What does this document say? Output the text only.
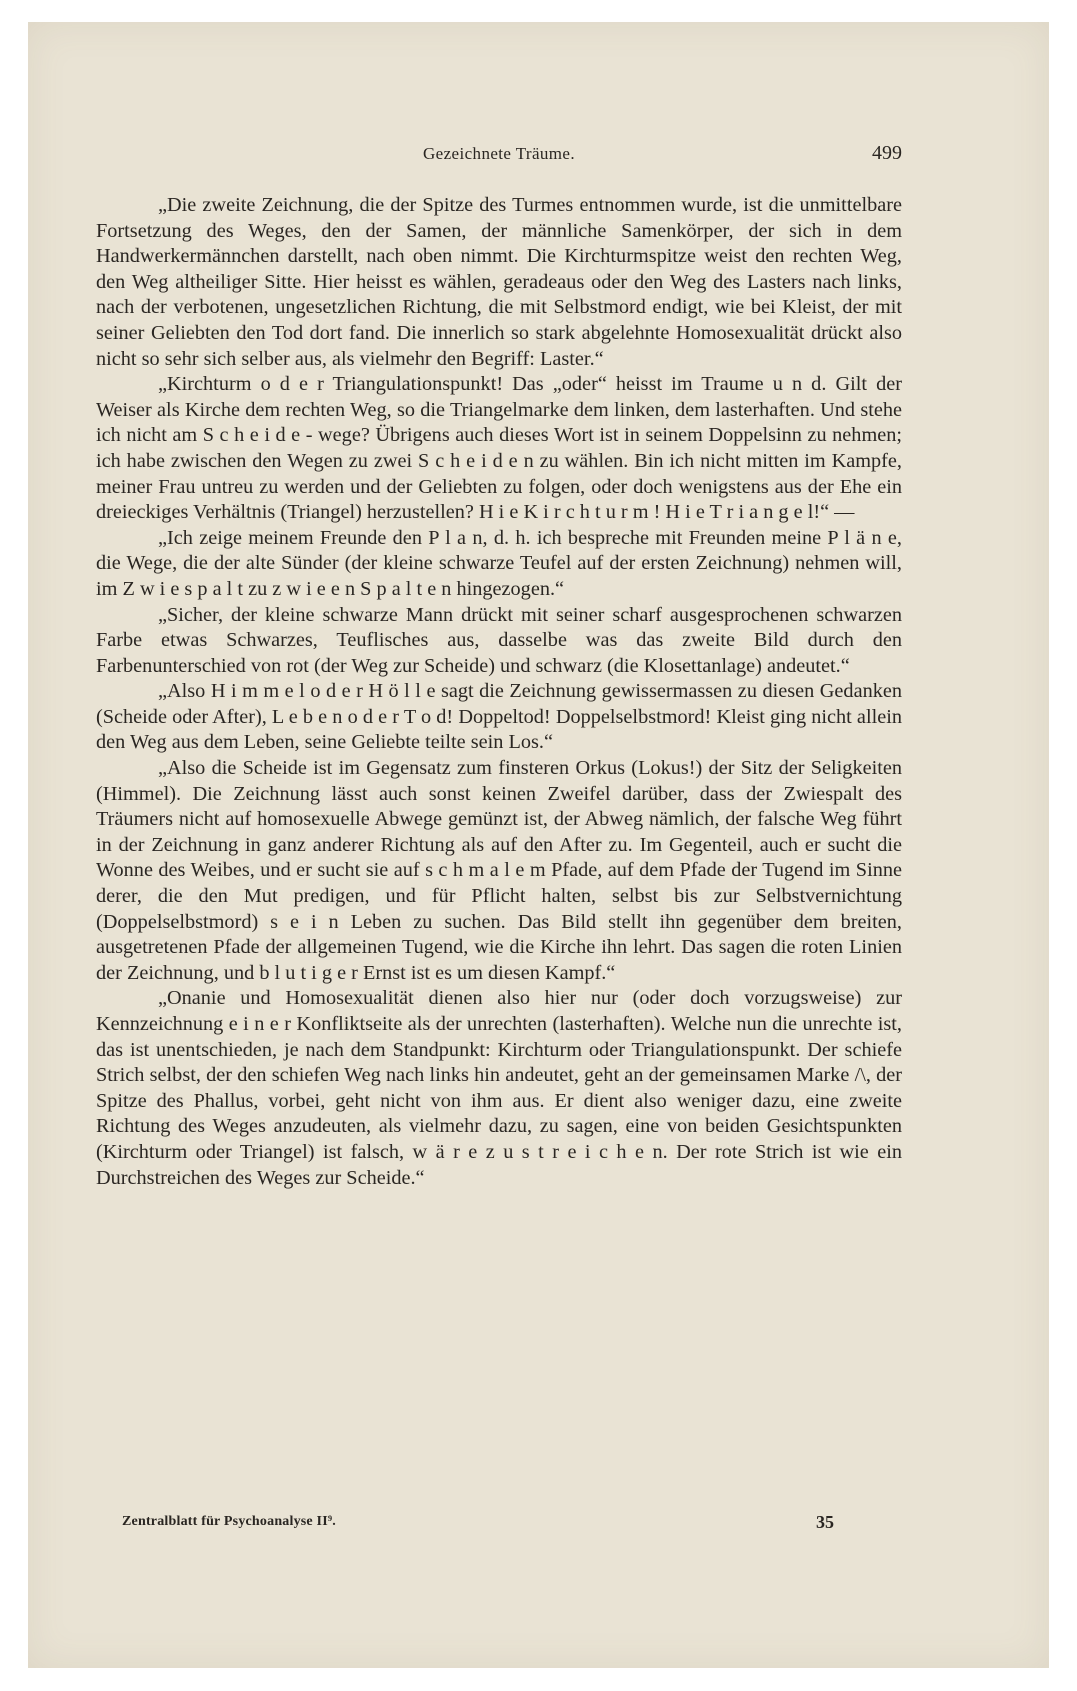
Gezeichnete Träume.	499

„Die zweite Zeichnung, die der Spitze des Turmes entnommen wurde, ist die unmittelbare Fortsetzung des Weges, den der Samen, der männliche Samenkörper, der sich in dem Handwerkermännchen darstellt, nach oben nimmt. Die Kirchturmspitze weist den rechten Weg, den Weg altheiliger Sitte. Hier heisst es wählen, geradeaus oder den Weg des Lasters nach links, nach der verbotenen, ungesetzlichen Richtung, die mit Selbstmord endigt, wie bei Kleist, der mit seiner Geliebten den Tod dort fand. Die innerlich so stark abgelehnte Homosexualität drückt also nicht so sehr sich selber aus, als vielmehr den Begriff: Laster.“

„Kirchturm o d e r Triangulationspunkt! Das „oder“ heisst im Traume u n d. Gilt der Weiser als Kirche dem rechten Weg, so die Triangelmarke dem linken, dem lasterhaften. Und stehe ich nicht am S c h e i d e - wege? Übrigens auch dieses Wort ist in seinem Doppelsinn zu nehmen; ich habe zwischen den Wegen zu zwei S c h e i d e n zu wählen. Bin ich nicht mitten im Kampfe, meiner Frau untreu zu werden und der Geliebten zu folgen, oder doch wenigstens aus der Ehe ein dreieckiges Verhältnis (Triangel) herzustellen? H i e K i r c h t u r m ! H i e T r i a n g e l!“ —

„Ich zeige meinem Freunde den P l a n, d. h. ich bespreche mit Freunden meine P l ä n e, die Wege, die der alte Sünder (der kleine schwarze Teufel auf der ersten Zeichnung) nehmen will, im Z w i e s p a l t zu z w i e e n S p a l t e n hingezogen.“

„Sicher, der kleine schwarze Mann drückt mit seiner scharf ausgesprochenen schwarzen Farbe etwas Schwarzes, Teuflisches aus, dasselbe was das zweite Bild durch den Farbenunterschied von rot (der Weg zur Scheide) und schwarz (die Klosettanlage) andeutet.“

„Also H i m m e l o d e r H ö l l e sagt die Zeichnung gewissermassen zu diesen Gedanken (Scheide oder After), L e b e n o d e r T o d! Doppeltod! Doppelselbstmord! Kleist ging nicht allein den Weg aus dem Leben, seine Geliebte teilte sein Los.“

„Also die Scheide ist im Gegensatz zum finsteren Orkus (Lokus!) der Sitz der Seligkeiten (Himmel). Die Zeichnung lässt auch sonst keinen Zweifel darüber, dass der Zwiespalt des Träumers nicht auf homosexuelle Abwege gemünzt ist, der Abweg nämlich, der falsche Weg führt in der Zeichnung in ganz anderer Richtung als auf den After zu. Im Gegenteil, auch er sucht die Wonne des Weibes, und er sucht sie auf s c h m a l e m Pfade, auf dem Pfade der Tugend im Sinne derer, die den Mut predigen, und für Pflicht halten, selbst bis zur Selbstvernichtung (Doppelselbstmord) s e i n Leben zu suchen. Das Bild stellt ihn gegenüber dem breiten, ausgetretenen Pfade der allgemeinen Tugend, wie die Kirche ihn lehrt. Das sagen die roten Linien der Zeichnung, und b l u t i g e r Ernst ist es um diesen Kampf.“

„Onanie und Homosexualität dienen also hier nur (oder doch vorzugsweise) zur Kennzeichnung e i n e r Konfliktseite als der unrechten (lasterhaften). Welche nun die unrechte ist, das ist unentschieden, je nach dem Standpunkt: Kirchturm oder Triangulationspunkt. Der schiefe Strich selbst, der den schiefen Weg nach links hin andeutet, geht an der gemeinsamen Marke /\, der Spitze des Phallus, vorbei, geht nicht von ihm aus. Er dient also weniger dazu, eine zweite Richtung des Weges anzudeuten, als vielmehr dazu, zu sagen, eine von beiden Gesichtspunkten (Kirchturm oder Triangel) ist falsch, w ä r e z u s t r e i c h e n. Der rote Strich ist wie ein Durchstreichen des Weges zur Scheide.“

Zentralblatt für Psychoanalyse II⁹.	35
